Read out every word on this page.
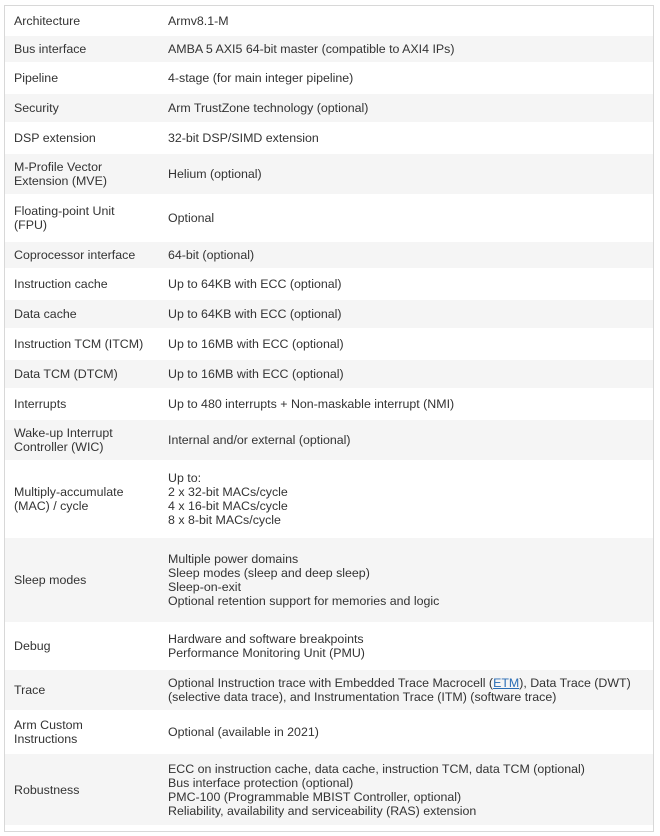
Architecture	Armv8.1-M

Bus interface	AMBA 5 AXI5 64-bit master (compatible to AXI4 IPs)

Pipeline	4-stage (for main integer pipeline)

Security	Arm TrustZone technology (optional)

DSP extension	32-bit DSP/SIMD extension

M-Profile Vector
Extension (MVE)	Helium (optional)

Floating-point Unit
(FPU)	Optional

Coprocessor interface	64-bit (optional)

Instruction cache	Up to 64KB with ECC (optional)

Data cache	Up to 64KB with ECC (optional)

Instruction TCM (ITCM)	Up to 16MB with ECC (optional)

Data TCM (DTCM)	Up to 16MB with ECC (optional)

Interrupts	Up to 480 interrupts + Non-maskable interrupt (NMI)

Wake-up Interrupt
Controller (WIC)	Internal and/or external (optional)

Multiply-accumulate
(MAC) / cycle	Up to:
2 x 32-bit MACs/cycle
4 x 16-bit MACs/cycle
8 x 8-bit MACs/cycle

Sleep modes	Multiple power domains
Sleep modes (sleep and deep sleep)
Sleep-on-exit
Optional retention support for memories and logic

Debug	Hardware and software breakpoints
Performance Monitoring Unit (PMU)

Trace	Optional Instruction trace with Embedded Trace Macrocell (ETM), Data Trace (DWT)
(selective data trace), and Instrumentation Trace (ITM) (software trace)

Arm Custom
Instructions	Optional (available in 2021)

Robustness	ECC on instruction cache, data cache, instruction TCM, data TCM (optional)
Bus interface protection (optional)
PMC-100 (Programmable MBIST Controller, optional)
Reliability, availability and serviceability (RAS) extension
